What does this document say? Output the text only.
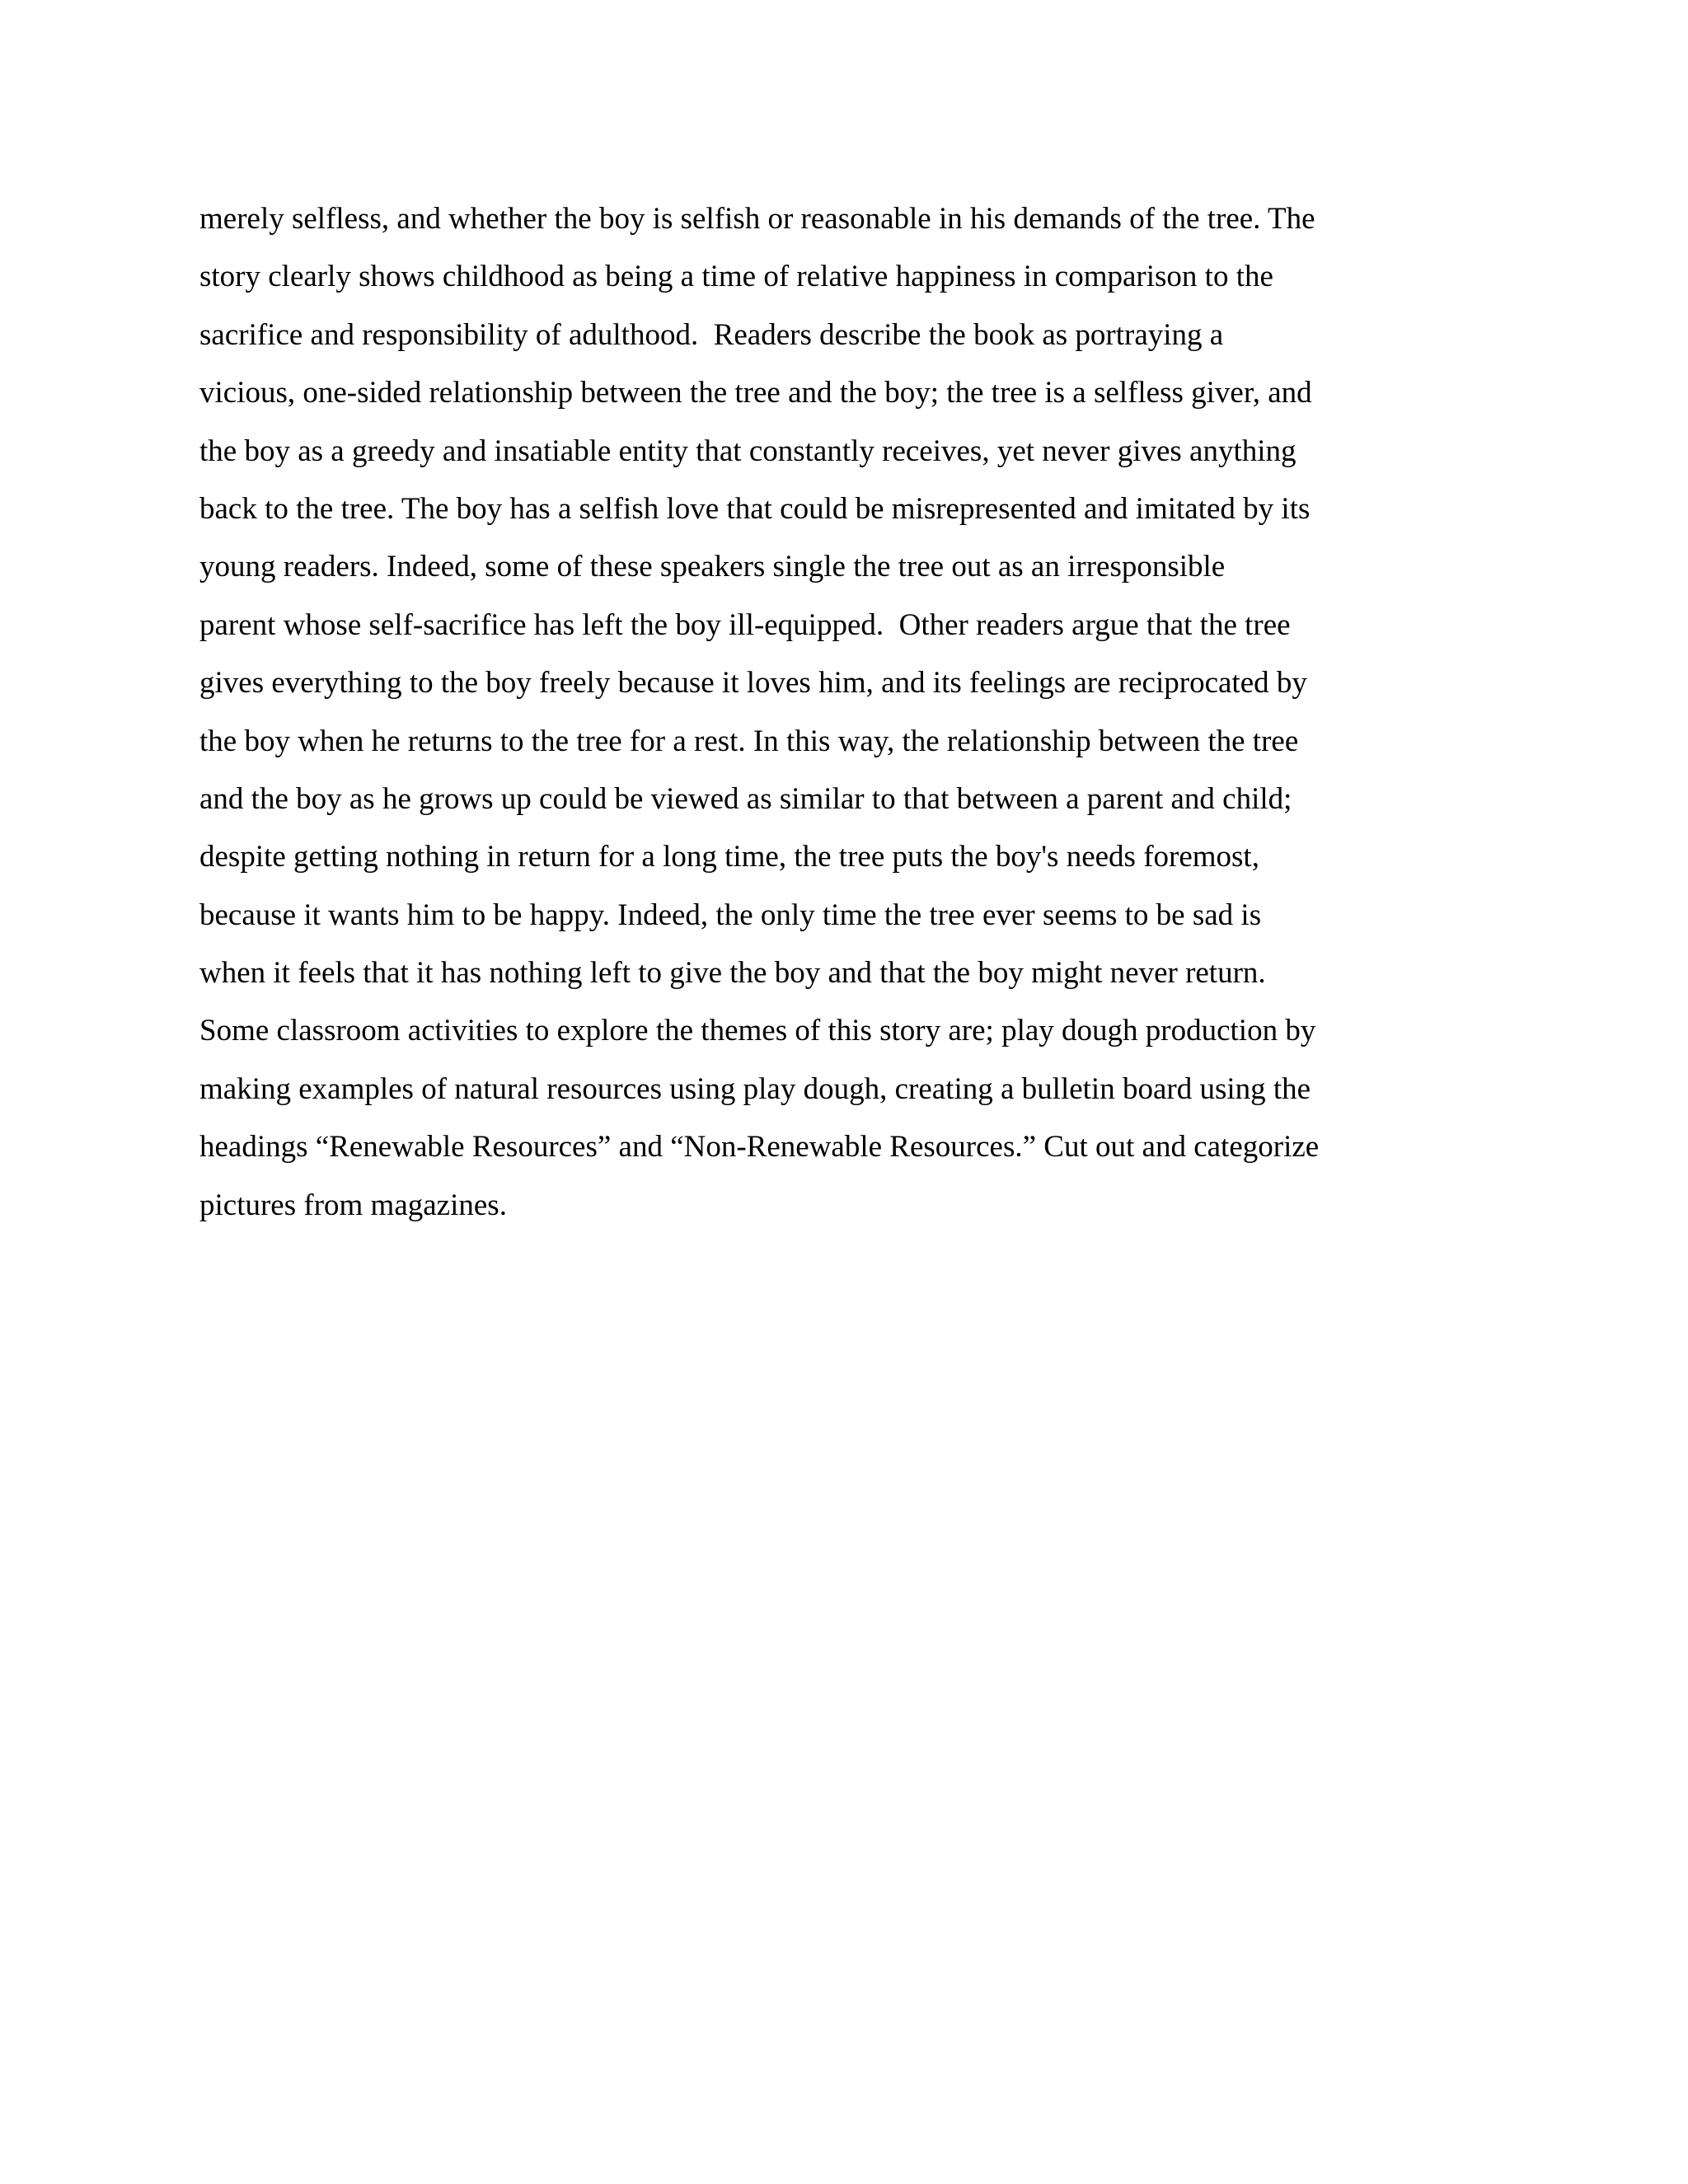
merely selfless, and whether the boy is selfish or reasonable in his demands of the tree. The
story clearly shows childhood as being a time of relative happiness in comparison to the
sacrifice and responsibility of adulthood.  Readers describe the book as portraying a
vicious, one-sided relationship between the tree and the boy; the tree is a selfless giver, and
the boy as a greedy and insatiable entity that constantly receives, yet never gives anything
back to the tree. The boy has a selfish love that could be misrepresented and imitated by its
young readers. Indeed, some of these speakers single the tree out as an irresponsible
parent whose self-sacrifice has left the boy ill-equipped.  Other readers argue that the tree
gives everything to the boy freely because it loves him, and its feelings are reciprocated by
the boy when he returns to the tree for a rest. In this way, the relationship between the tree
and the boy as he grows up could be viewed as similar to that between a parent and child;
despite getting nothing in return for a long time, the tree puts the boy's needs foremost,
because it wants him to be happy. Indeed, the only time the tree ever seems to be sad is
when it feels that it has nothing left to give the boy and that the boy might never return.
Some classroom activities to explore the themes of this story are; play dough production by
making examples of natural resources using play dough, creating a bulletin board using the
headings “Renewable Resources” and “Non-Renewable Resources.” Cut out and categorize
pictures from magazines.
